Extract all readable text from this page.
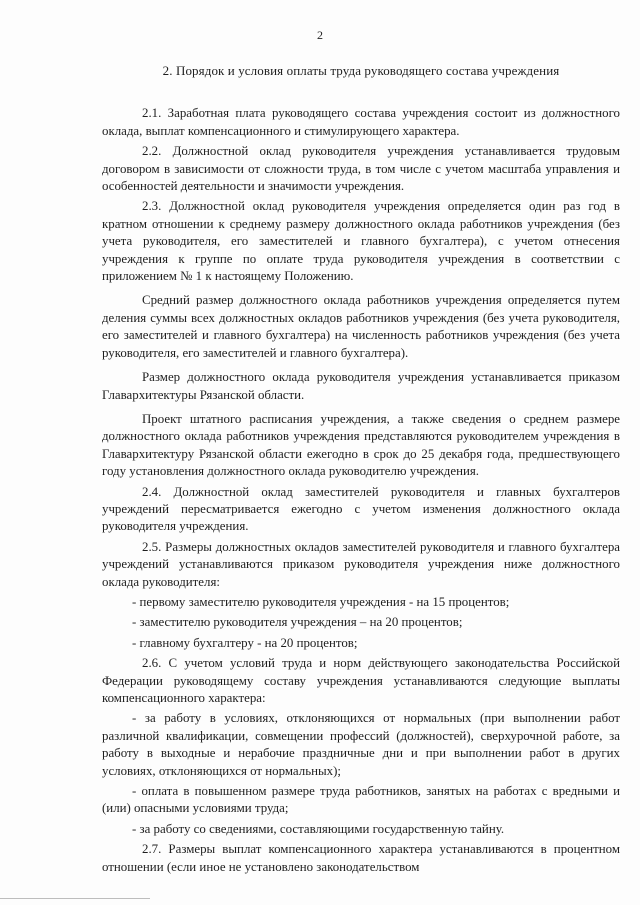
2
2. Порядок и условия оплаты труда руководящего состава учреждения

2.1. Заработная плата руководящего состава учреждения состоит из должностного оклада, выплат компенсационного и стимулирующего характера.

2.2. Должностной оклад руководителя учреждения устанавливается трудовым договором в зависимости от сложности труда, в том числе с учетом масштаба управления и особенностей деятельности и значимости учреждения.

2.3. Должностной оклад руководителя учреждения определяется один раз год в кратном отношении к среднему размеру должностного оклада работников учреждения (без учета руководителя, его заместителей и главного бухгалтера), с учетом отнесения учреждения к группе по оплате труда руководителя учреждения в соответствии с приложением № 1 к настоящему Положению.

Средний размер должностного оклада работников учреждения определяется путем деления суммы всех должностных окладов работников учреждения (без учета руководителя, его заместителей и главного бухгалтера) на численность работников учреждения (без учета руководителя, его заместителей и главного бухгалтера).

Размер должностного оклада руководителя учреждения устанавливается приказом Главархитектуры Рязанской области.

Проект штатного расписания учреждения, а также сведения о среднем размере должностного оклада работников учреждения представляются руководителем учреждения в Главархитектуру Рязанской области ежегодно в срок до 25 декабря года, предшествующего году установления должностного оклада руководителю учреждения.

2.4. Должностной оклад заместителей руководителя и главных бухгалтеров учреждений пересматривается ежегодно с учетом изменения должностного оклада руководителя учреждения.

2.5. Размеры должностных окладов заместителей руководителя и главного бухгалтера учреждений устанавливаются приказом руководителя учреждения ниже должностного оклада руководителя:

- первому заместителю руководителя учреждения - на 15 процентов;
- заместителю руководителя учреждения – на 20 процентов;
- главному бухгалтеру - на 20 процентов;

2.6. С учетом условий труда и норм действующего законодательства Российской Федерации руководящему составу учреждения устанавливаются следующие выплаты компенсационного характера:

- за работу в условиях, отклоняющихся от нормальных (при выполнении работ различной квалификации, совмещении профессий (должностей), сверхурочной работе, за работу в выходные и нерабочие праздничные дни и при выполнении работ в других условиях, отклоняющихся от нормальных);
- оплата в повышенном размере труда работников, занятых на работах с вредными и (или) опасными условиями труда;
- за работу со сведениями, составляющими государственную тайну.

2.7. Размеры выплат компенсационного характера устанавливаются в процентном отношении (если иное не установлено законодательством
